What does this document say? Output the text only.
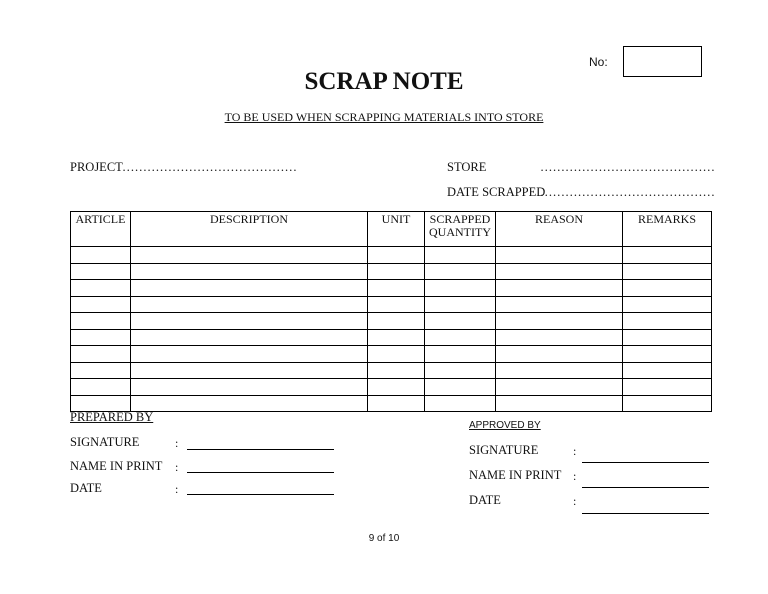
No:
SCRAP NOTE
TO BE USED WHEN SCRAPPING MATERIALS INTO STORE
PROJECT ……………………………………	STORE	……………………………………
DATE SCRAPPED
……………………………………
ARTICLE	DESCRIPTION	UNIT	SCRAPPED QUANTITY	REASON	REMARKS

PREPARED BY
SIGNATURE	:
NAME IN PRINT :
DATE	:
APPROVED BY
SIGNATURE	:
NAME IN PRINT :
DATE	:
9 of 10
